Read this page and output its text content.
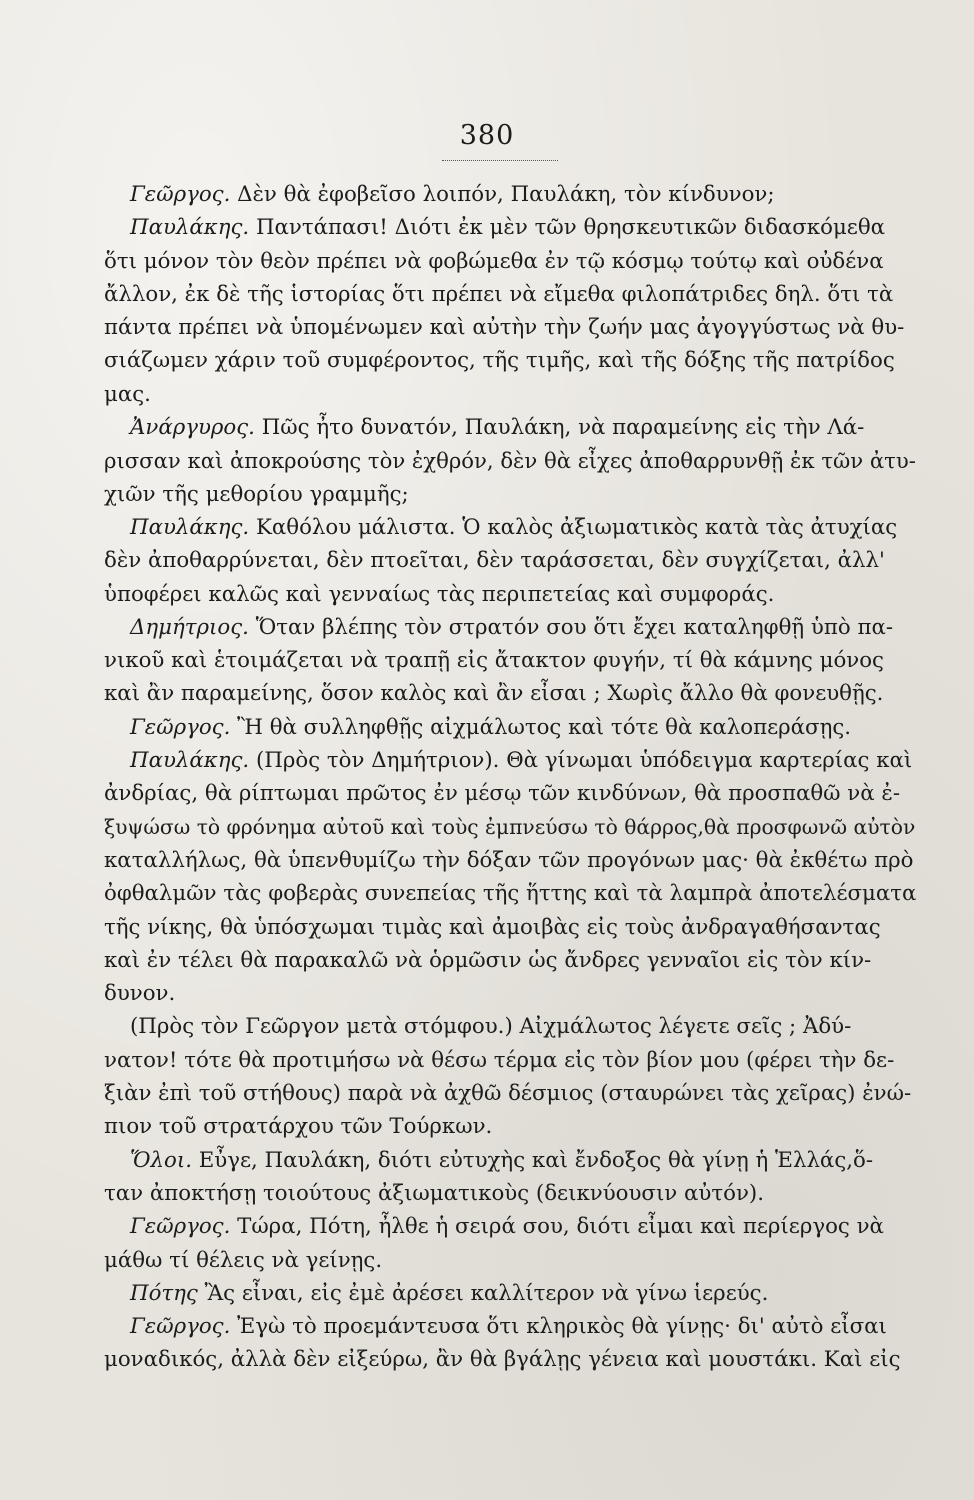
380
Γεῶργος. Δὲν θὰ ἐφοβεῖσο λοιπόν, Παυλάκη, τὸν κίνδυνον;
Παυλάκης. Παντάπασι! Διότι ἐκ μὲν τῶν θρησκευτικῶν διδασκόμεθα
ὅτι μόνον τὸν θεὸν πρέπει νὰ φοβώμεθα ἐν τῷ κόσμῳ τούτῳ καὶ οὐδένα
ἄλλον, ἐκ δὲ τῆς ἱστορίας ὅτι πρέπει νὰ εἴμεθα φιλοπάτριδες δηλ. ὅτι τὰ
πάντα πρέπει νὰ ὑπομένωμεν καὶ αὐτὴν τὴν ζωήν μας ἀγογγύστως νὰ θυ-
σιάζωμεν χάριν τοῦ συμφέροντος, τῆς τιμῆς, καὶ τῆς δόξης τῆς πατρίδος
μας.
Ἀνάργυρος. Πῶς ἦτο δυνατόν, Παυλάκη, νὰ παραμείνης εἰς τὴν Λά-
ρισσαν καὶ ἀποκρούσης τὸν ἐχθρόν, δὲν θὰ εἶχες ἀποθαρρυνθῇ ἐκ τῶν ἀτυ-
χιῶν τῆς μεθορίου γραμμῆς;
Παυλάκης. Καθόλου μάλιστα. Ὁ καλὸς ἀξιωματικὸς κατὰ τὰς ἀτυχίας
δὲν ἀποθαρρύνεται, δὲν πτοεῖται, δὲν ταράσσεται, δὲν συγχίζεται, ἀλλ'
ὑποφέρει καλῶς καὶ γενναίως τὰς περιπετείας καὶ συμφοράς.
Δημήτριος. Ὅταν βλέπης τὸν στρατόν σου ὅτι ἔχει καταληφθῇ ὑπὸ πα-
νικοῦ καὶ ἑτοιμάζεται νὰ τραπῇ εἰς ἄτακτον φυγήν, τί θὰ κάμνης μόνος
καὶ ἂν παραμείνης, ὅσον καλὸς καὶ ἂν εἶσαι ; Χωρὶς ἄλλο θὰ φονευθῇς.
Γεῶργος. Ἢ θὰ συλληφθῇς αἰχμάλωτος καὶ τότε θὰ καλοπεράσῃς.
Παυλάκης. (Πρὸς τὸν Δημήτριον). Θὰ γίνωμαι ὑπόδειγμα καρτερίας καὶ
ἀνδρίας, θὰ ρίπτωμαι πρῶτος ἐν μέσῳ τῶν κινδύνων, θὰ προσπαθῶ νὰ ἐ-
ξυψώσω τὸ φρόνημα αὐτοῦ καὶ τοὺς ἐμπνεύσω τὸ θάρρος,θὰ προσφωνῶ αὐτὸν
καταλλήλως, θὰ ὑπενθυμίζω τὴν δόξαν τῶν προγόνων μας· θὰ ἐκθέτω πρὸ
ὀφθαλμῶν τὰς φοβερὰς συνεπείας τῆς ἥττης καὶ τὰ λαμπρὰ ἀποτελέσματα
τῆς νίκης, θὰ ὑπόσχωμαι τιμὰς καὶ ἀμοιβὰς εἰς τοὺς ἀνδραγαθήσαντας
καὶ ἐν τέλει θὰ παρακαλῶ νὰ ὁρμῶσιν ὡς ἄνδρες γενναῖοι εἰς τὸν κίν-
δυνον.
(Πρὸς τὸν Γεῶργον μετὰ στόμφου.) Αἰχμάλωτος λέγετε σεῖς ; Ἀδύ-
νατον! τότε θὰ προτιμήσω νὰ θέσω τέρμα εἰς τὸν βίον μου (φέρει τὴν δε-
ξιὰν ἐπὶ τοῦ στήθους) παρὰ νὰ ἀχθῶ δέσμιος (σταυρώνει τὰς χεῖρας) ἐνώ-
πιον τοῦ στρατάρχου τῶν Τούρκων.
Ὅλοι. Εὖγε, Παυλάκη, διότι εὐτυχὴς καὶ ἔνδοξος θὰ γίνῃ ἡ Ἑλλάς,ὅ-
ταν ἀποκτήσῃ τοιούτους ἀξιωματικοὺς (δεικνύουσιν αὐτόν).
Γεῶργος. Τώρα, Πότη, ἦλθε ἡ σειρά σου, διότι εἶμαι καὶ περίεργος νὰ
μάθω τί θέλεις νὰ γείνῃς.
Πότης Ἂς εἶναι, εἰς ἐμὲ ἀρέσει καλλίτερον νὰ γίνω ἱερεύς.
Γεῶργος. Ἐγὼ τὸ προεμάντευσα ὅτι κληρικὸς θὰ γίνῃς· δι' αὐτὸ εἶσαι
μοναδικός, ἀλλὰ δὲν εἰξεύρω, ἂν θὰ βγάλῃς γένεια καὶ μουστάκι. Καὶ εἰς
